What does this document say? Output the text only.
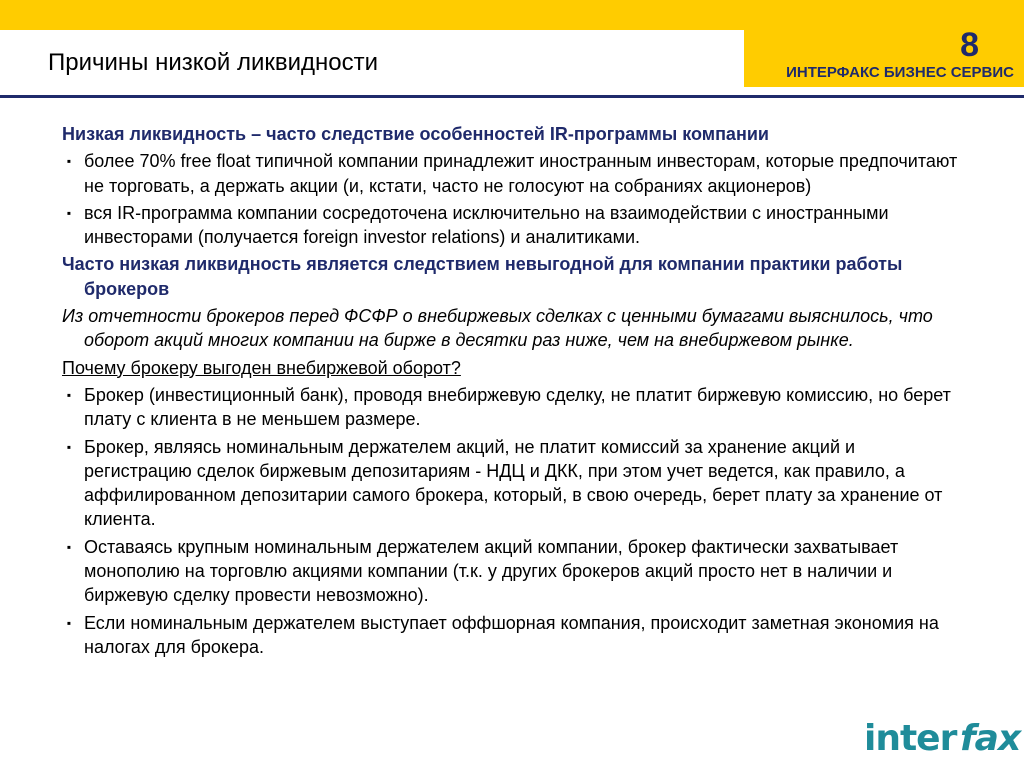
Причины низкой ликвидности	8
ИНТЕРФАКС БИЗНЕС СЕРВИС

Низкая ликвидность – часто следствие особенностей IR-программы компании

▪ более 70% free float типичной компании принадлежит иностранным инвесторам, которые предпочитают не торговать, а держать акции (и, кстати, часто не голосуют на собраниях акционеров)
▪ вся IR-программа компании сосредоточена исключительно на взаимодействии с иностранными инвесторами (получается foreign investor relations) и аналитиками.

Часто низкая ликвидность является следствием невыгодной для компании практики работы брокеров

Из отчетности брокеров перед ФСФР о внебиржевых сделках с ценными бумагами выяснилось, что оборот акций многих компании на бирже в десятки раз ниже, чем на внебиржевом рынке.

Почему брокеру выгоден внебиржевой оборот?

▪ Брокер (инвестиционный банк), проводя внебиржевую сделку, не платит биржевую комиссию, но берет плату с клиента в не меньшем размере.
▪ Брокер, являясь номинальным держателем акций, не платит комиссий за хранение акций и регистрацию сделок биржевым депозитариям - НДЦ и ДКК, при этом учет ведется, как правило, а аффилированном депозитарии самого брокера, который, в свою очередь, берет плату за хранение от клиента.
▪ Оставаясь крупным номинальным держателем акций компании, брокер фактически захватывает монополию на торговлю акциями компании (т.к. у других брокеров акций просто нет в наличии и биржевую сделку провести невозможно).
▪ Если номинальным держателем выступает оффшорная компания, происходит заметная экономия на налогах для брокера.
inter fax
